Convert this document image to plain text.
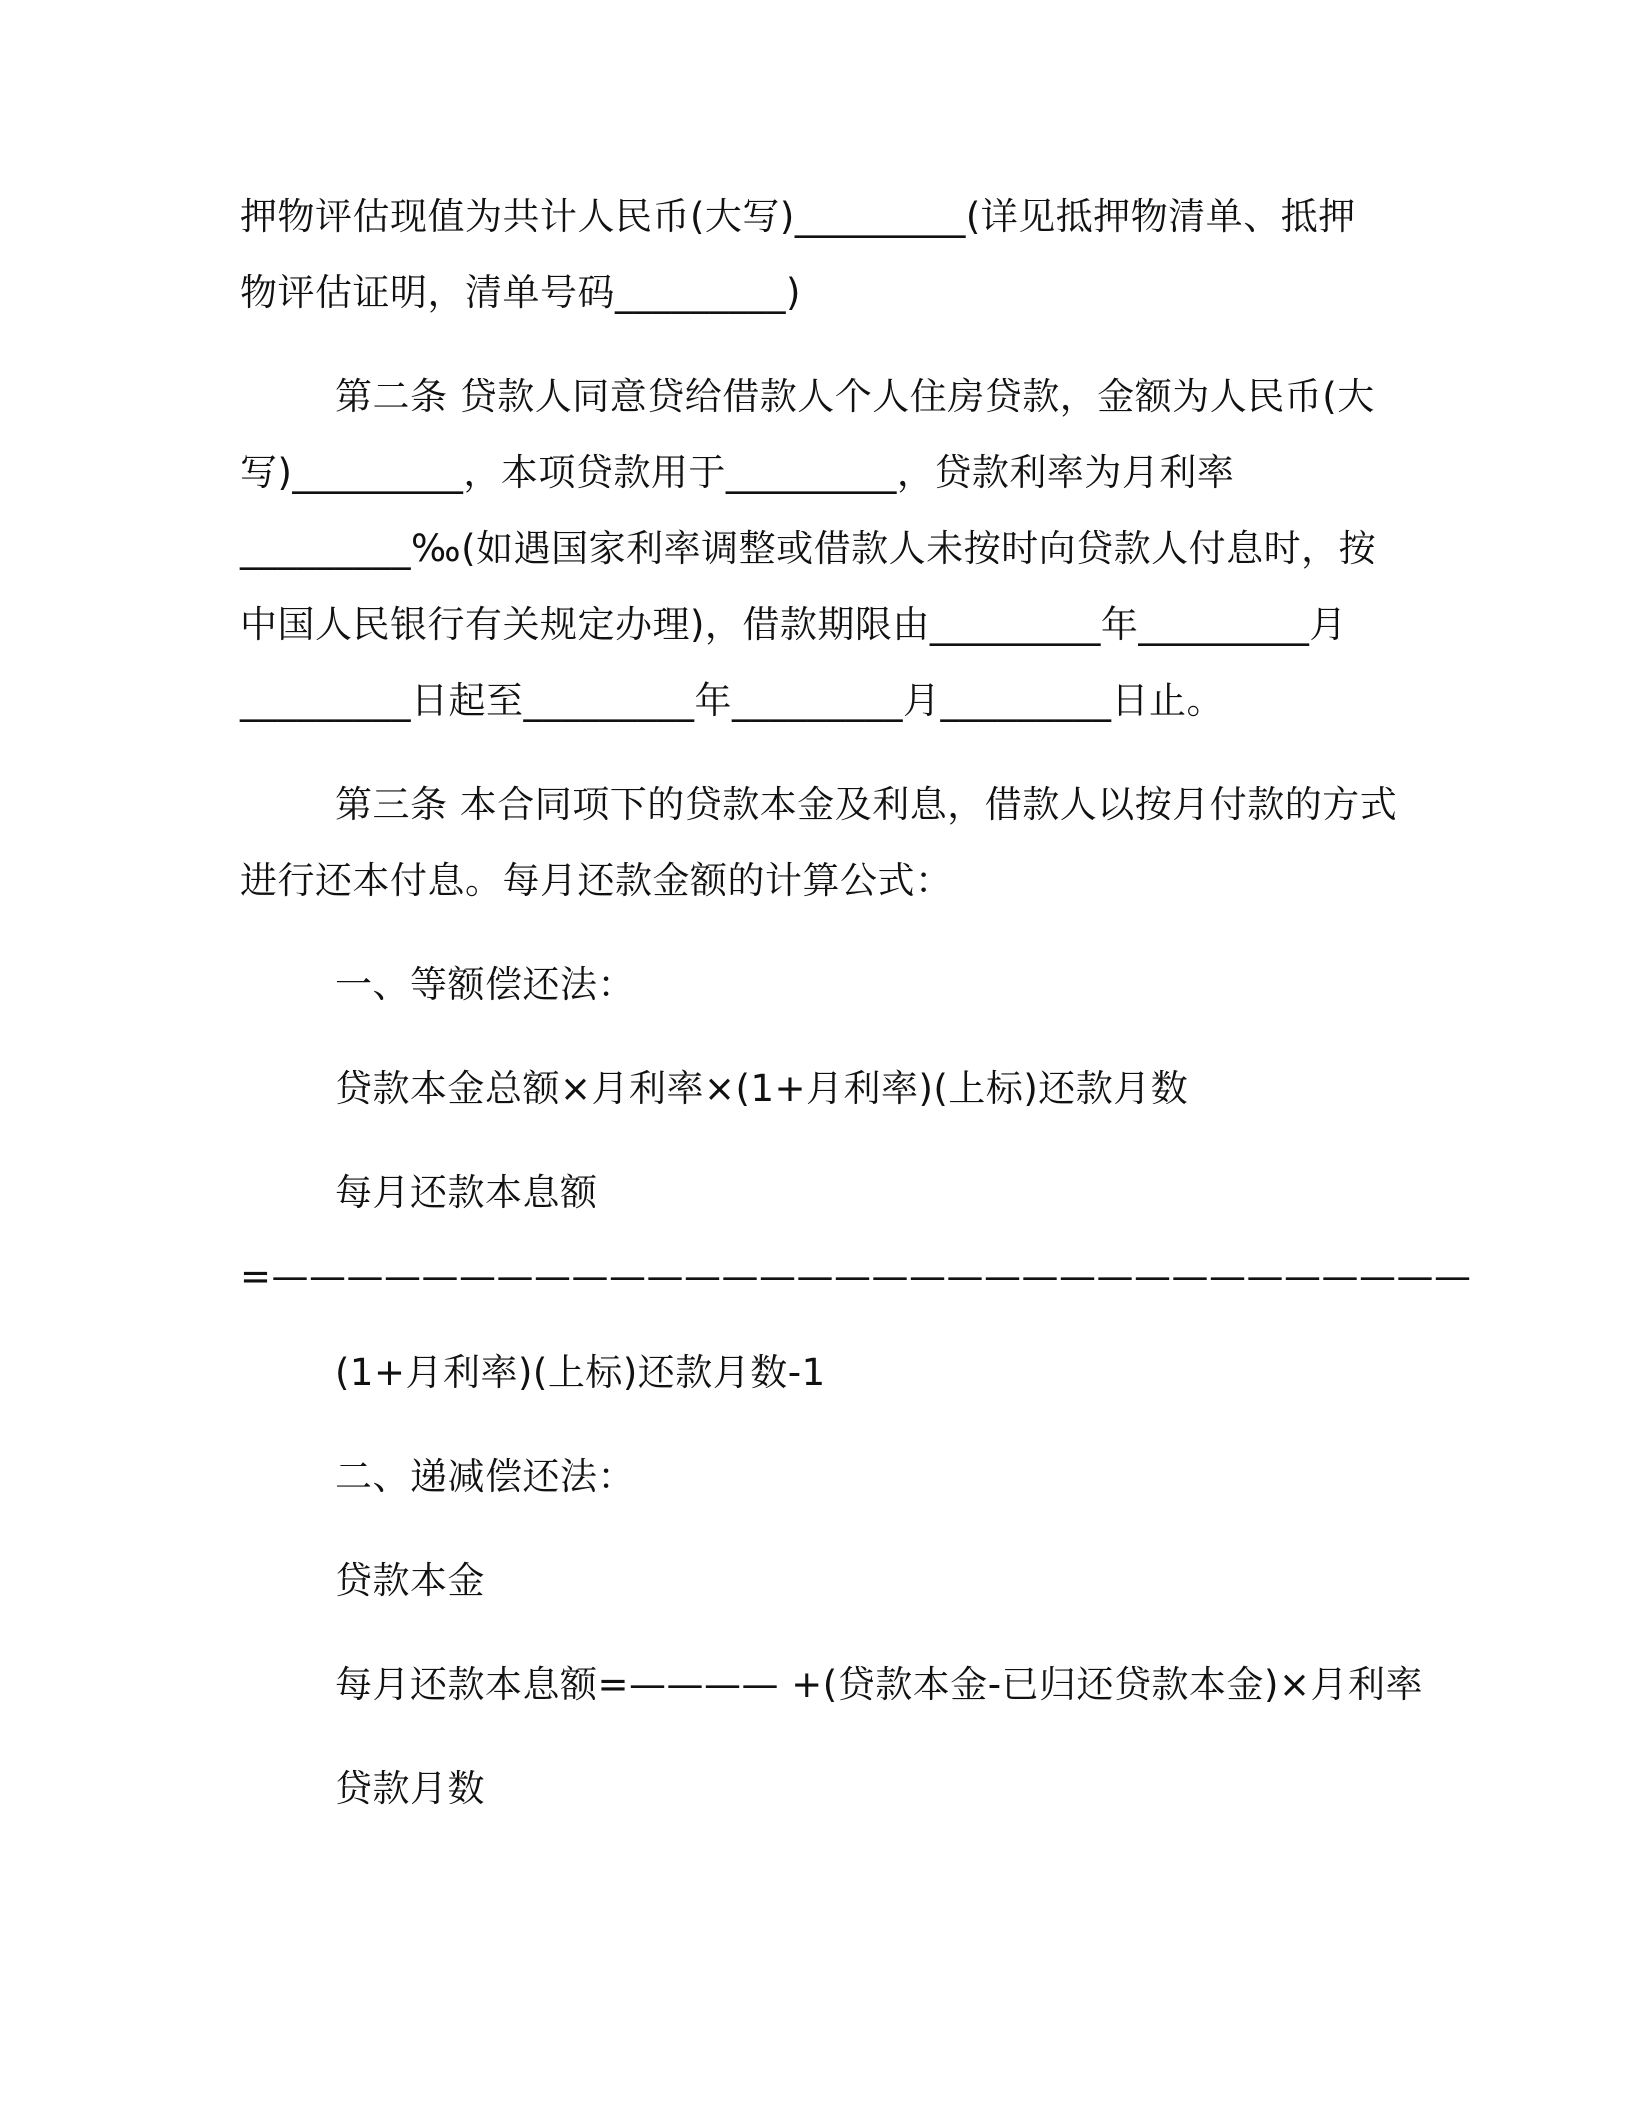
押物评估现值为共计人民币(大写)_________(详见抵押物清单、抵押
物评估证明，清单号码_________)
第二条 贷款人同意贷给借款人个人住房贷款，金额为人民币(大
写)_________，本项贷款用于_________，贷款利率为月利率
_________‰(如遇国家利率调整或借款人未按时向贷款人付息时，按
中国人民银行有关规定办理)，借款期限由_________年_________月
_________日起至_________年_________月_________日止。
第三条 本合同项下的贷款本金及利息，借款人以按月付款的方式
进行还本付息。每月还款金额的计算公式：
一、等额偿还法：
贷款本金总额×月利率×(1+月利率)(上标)还款月数
每月还款本息额
=————————————————————————————————
(1+月利率)(上标)还款月数-1
二、递减偿还法：
贷款本金
每月还款本息额=———— +(贷款本金-已归还贷款本金)×月利率
贷款月数
